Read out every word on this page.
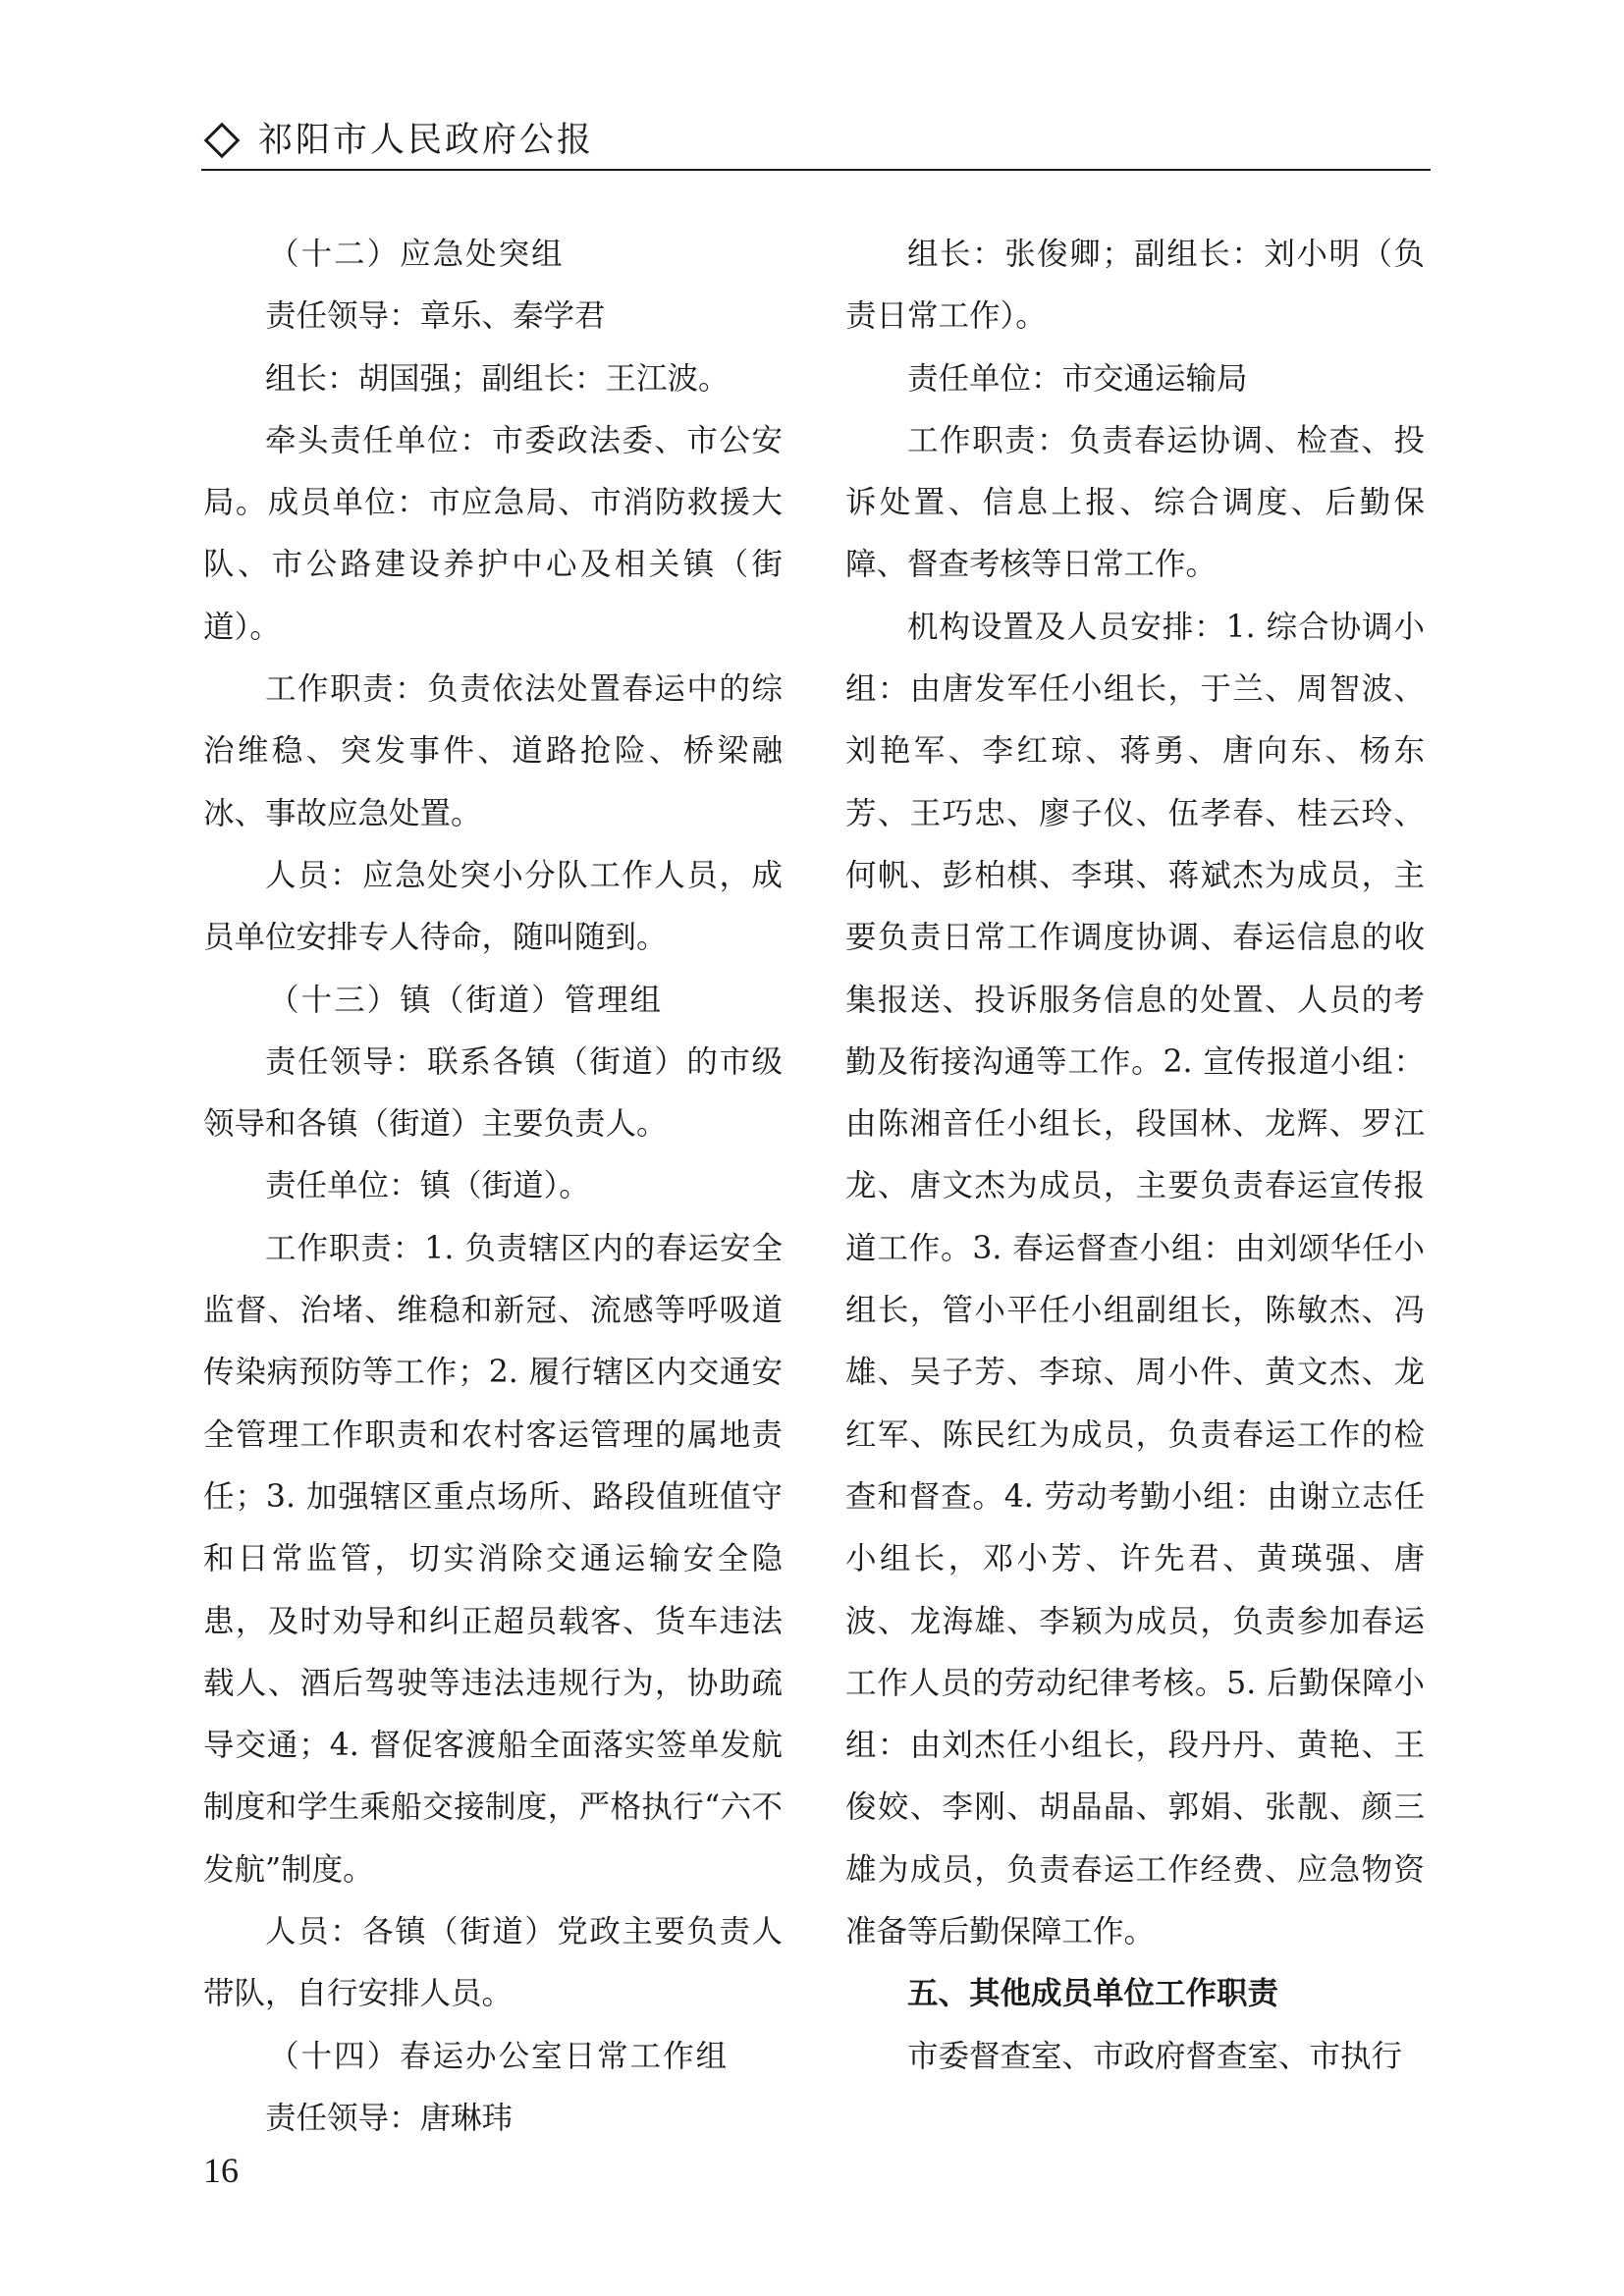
祁阳市人民政府公报

（十二）应急处突组

责任领导：章乐、秦学君

组长：胡国强；副组长：王江波。

牵头责任单位：市委政法委、市公安局。成员单位：市应急局、市消防救援大队、市公路建设养护中心及相关镇（街道）。

工作职责：负责依法处置春运中的综治维稳、突发事件、道路抢险、桥梁融冰、事故应急处置。

人员：应急处突小分队工作人员，成员单位安排专人待命，随叫随到。

（十三）镇（街道）管理组

责任领导：联系各镇（街道）的市级领导和各镇（街道）主要负责人。

责任单位：镇（街道）。

工作职责：1. 负责辖区内的春运安全监督、治堵、维稳和新冠、流感等呼吸道传染病预防等工作；2. 履行辖区内交通安全管理工作职责和农村客运管理的属地责任；3. 加强辖区重点场所、路段值班值守和日常监管，切实消除交通运输安全隐患，及时劝导和纠正超员载客、货车违法载人、酒后驾驶等违法违规行为，协助疏导交通；4. 督促客渡船全面落实签单发航制度和学生乘船交接制度，严格执行“六不发航”制度。

人员：各镇（街道）党政主要负责人带队，自行安排人员。

（十四）春运办公室日常工作组

责任领导：唐琳玮

组长：张俊卿；副组长：刘小明（负责日常工作）。

责任单位：市交通运输局

工作职责：负责春运协调、检查、投诉处置、信息上报、综合调度、后勤保障、督查考核等日常工作。

机构设置及人员安排：1. 综合协调小组：由唐发军任小组长，于兰、周智波、刘艳军、李红琼、蒋勇、唐向东、杨东芳、王巧忠、廖子仪、伍孝春、桂云玲、何帆、彭柏棋、李琪、蒋斌杰为成员，主要负责日常工作调度协调、春运信息的收集报送、投诉服务信息的处置、人员的考勤及衔接沟通等工作。2. 宣传报道小组：由陈湘音任小组长，段国林、龙辉、罗江龙、唐文杰为成员，主要负责春运宣传报道工作。3. 春运督查小组：由刘颂华任小组长，管小平任小组副组长，陈敏杰、冯雄、吴子芳、李琼、周小件、黄文杰、龙红军、陈民红为成员，负责春运工作的检查和督查。4. 劳动考勤小组：由谢立志任小组长，邓小芳、许先君、黄瑛强、唐波、龙海雄、李颖为成员，负责参加春运工作人员的劳动纪律考核。5. 后勤保障小组：由刘杰任小组长，段丹丹、黄艳、王俊姣、李刚、胡晶晶、郭娟、张靓、颜三雄为成员，负责春运工作经费、应急物资准备等后勤保障工作。

五、其他成员单位工作职责

市委督查室、市政府督查室、市执行

16
